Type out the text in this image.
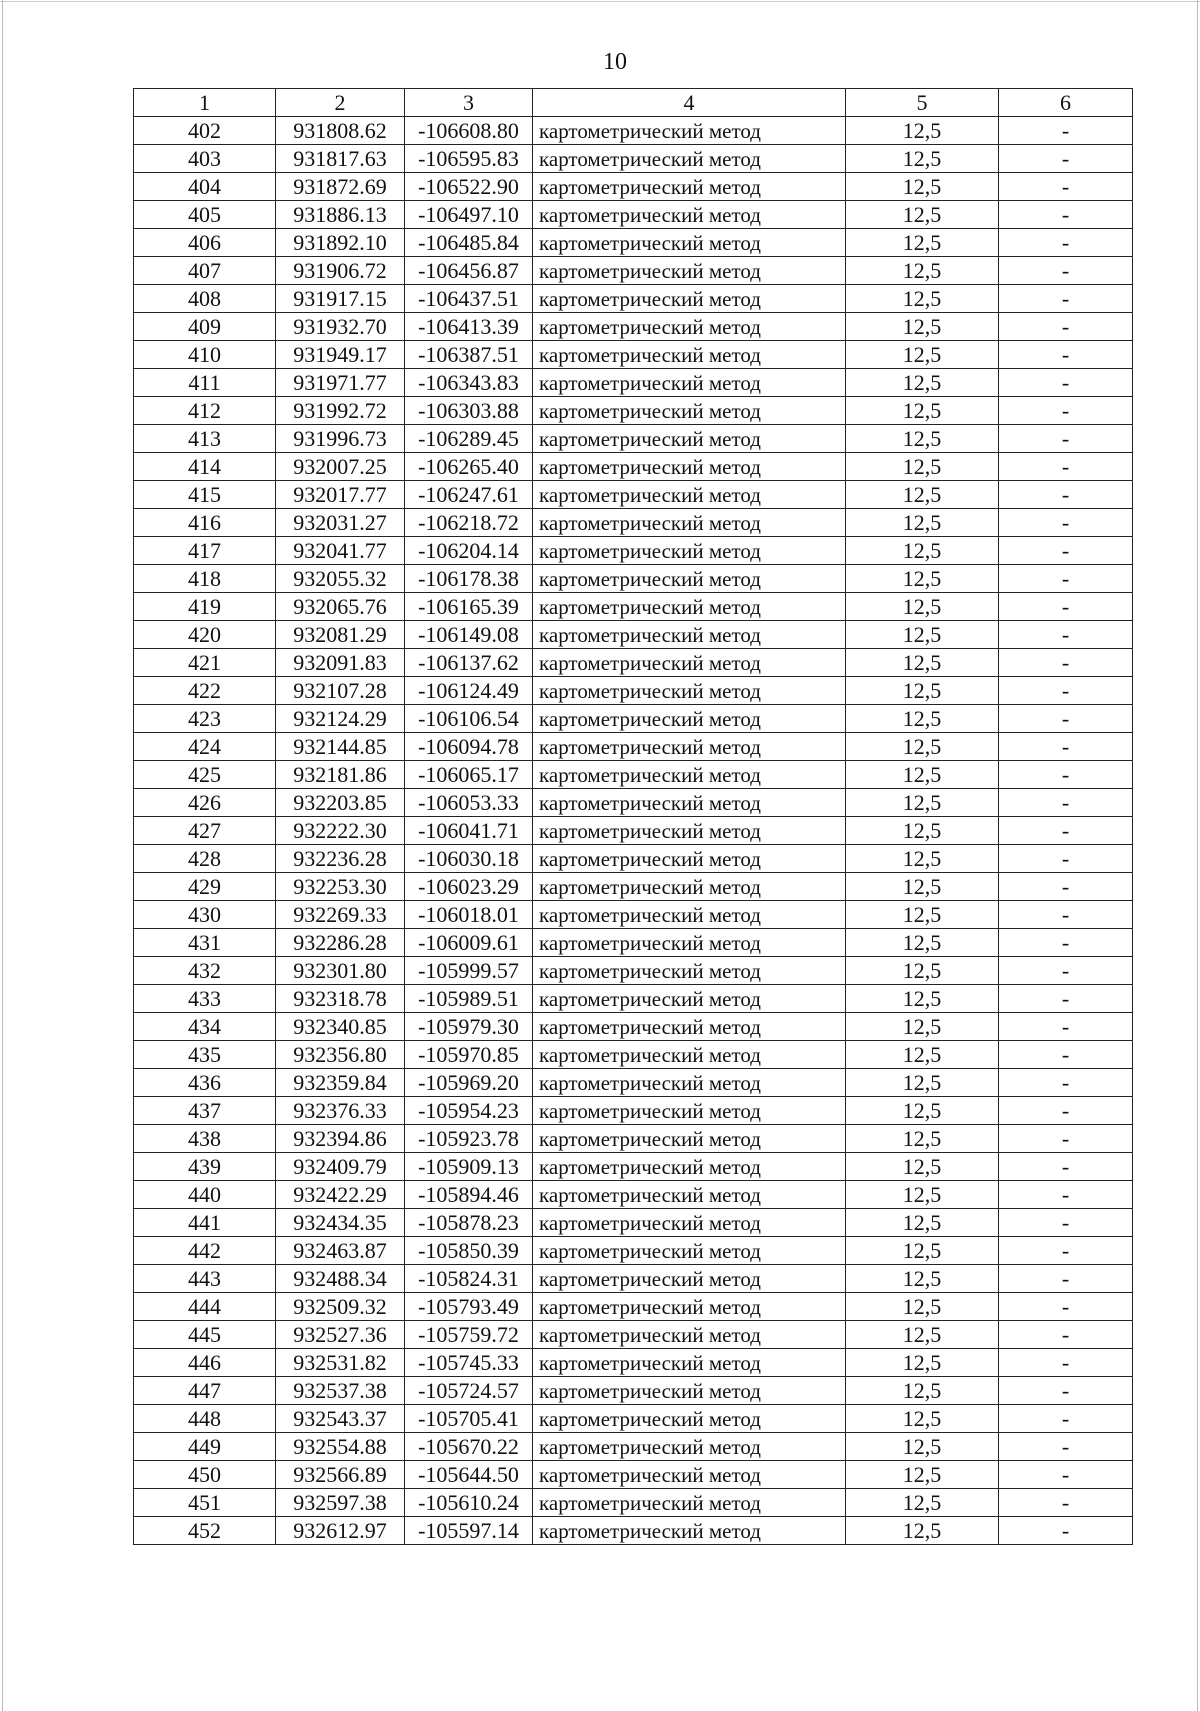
10
1	2	3	4	5	6
402	931808.62	-106608.80	картометрический метод	12,5	-
403	931817.63	-106595.83	картометрический метод	12,5	-
404	931872.69	-106522.90	картометрический метод	12,5	-
405	931886.13	-106497.10	картометрический метод	12,5	-
406	931892.10	-106485.84	картометрический метод	12,5	-
407	931906.72	-106456.87	картометрический метод	12,5	-
408	931917.15	-106437.51	картометрический метод	12,5	-
409	931932.70	-106413.39	картометрический метод	12,5	-
410	931949.17	-106387.51	картометрический метод	12,5	-
411	931971.77	-106343.83	картометрический метод	12,5	-
412	931992.72	-106303.88	картометрический метод	12,5	-
413	931996.73	-106289.45	картометрический метод	12,5	-
414	932007.25	-106265.40	картометрический метод	12,5	-
415	932017.77	-106247.61	картометрический метод	12,5	-
416	932031.27	-106218.72	картометрический метод	12,5	-
417	932041.77	-106204.14	картометрический метод	12,5	-
418	932055.32	-106178.38	картометрический метод	12,5	-
419	932065.76	-106165.39	картометрический метод	12,5	-
420	932081.29	-106149.08	картометрический метод	12,5	-
421	932091.83	-106137.62	картометрический метод	12,5	-
422	932107.28	-106124.49	картометрический метод	12,5	-
423	932124.29	-106106.54	картометрический метод	12,5	-
424	932144.85	-106094.78	картометрический метод	12,5	-
425	932181.86	-106065.17	картометрический метод	12,5	-
426	932203.85	-106053.33	картометрический метод	12,5	-
427	932222.30	-106041.71	картометрический метод	12,5	-
428	932236.28	-106030.18	картометрический метод	12,5	-
429	932253.30	-106023.29	картометрический метод	12,5	-
430	932269.33	-106018.01	картометрический метод	12,5	-
431	932286.28	-106009.61	картометрический метод	12,5	-
432	932301.80	-105999.57	картометрический метод	12,5	-
433	932318.78	-105989.51	картометрический метод	12,5	-
434	932340.85	-105979.30	картометрический метод	12,5	-
435	932356.80	-105970.85	картометрический метод	12,5	-
436	932359.84	-105969.20	картометрический метод	12,5	-
437	932376.33	-105954.23	картометрический метод	12,5	-
438	932394.86	-105923.78	картометрический метод	12,5	-
439	932409.79	-105909.13	картометрический метод	12,5	-
440	932422.29	-105894.46	картометрический метод	12,5	-
441	932434.35	-105878.23	картометрический метод	12,5	-
442	932463.87	-105850.39	картометрический метод	12,5	-
443	932488.34	-105824.31	картометрический метод	12,5	-
444	932509.32	-105793.49	картометрический метод	12,5	-
445	932527.36	-105759.72	картометрический метод	12,5	-
446	932531.82	-105745.33	картометрический метод	12,5	-
447	932537.38	-105724.57	картометрический метод	12,5	-
448	932543.37	-105705.41	картометрический метод	12,5	-
449	932554.88	-105670.22	картометрический метод	12,5	-
450	932566.89	-105644.50	картометрический метод	12,5	-
451	932597.38	-105610.24	картометрический метод	12,5	-
452	932612.97	-105597.14	картометрический метод	12,5	-
